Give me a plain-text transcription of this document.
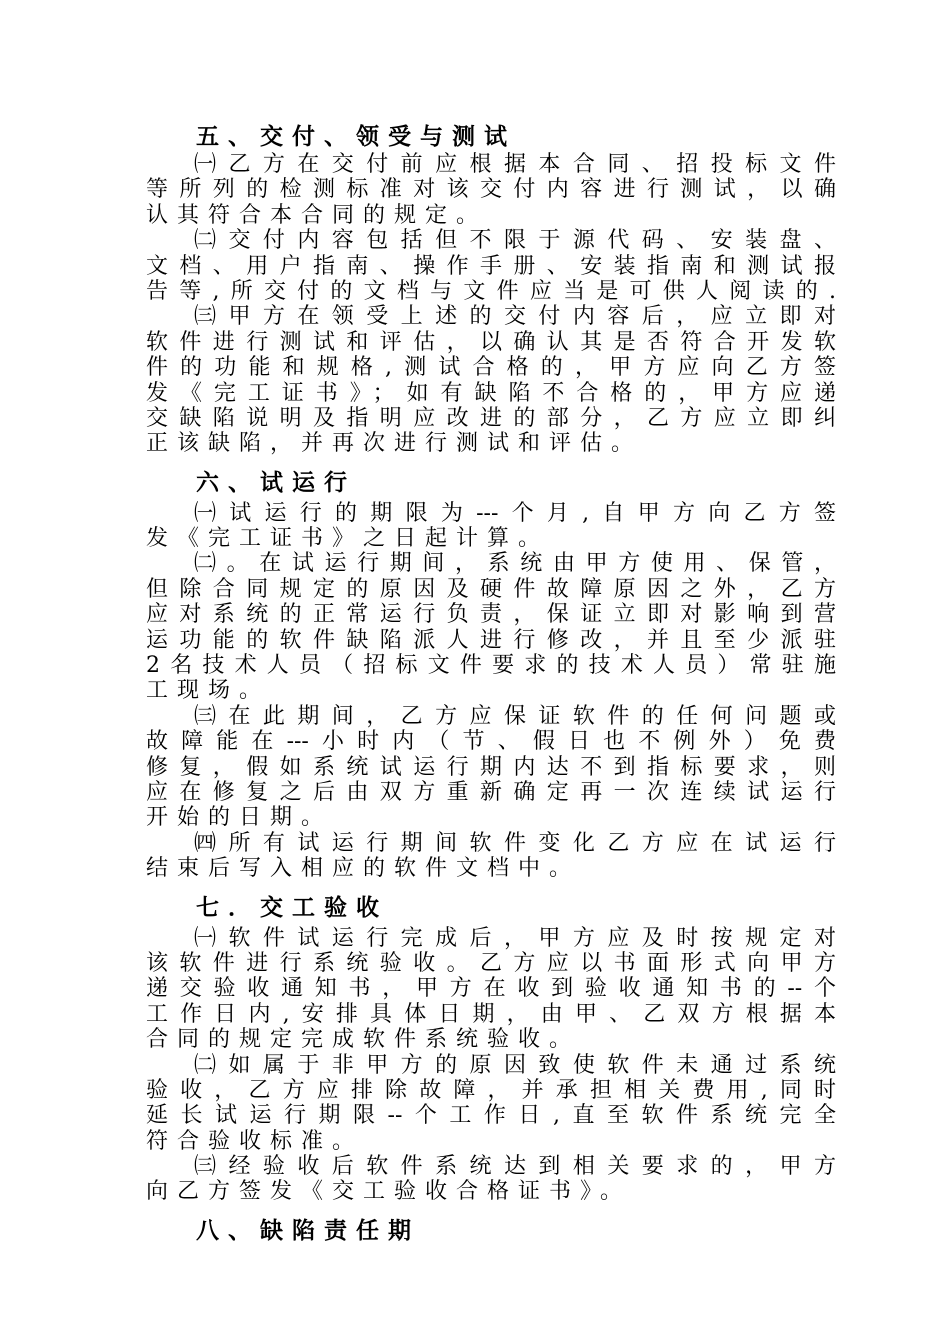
五、交付、领受与测试
㈠乙方在交付前应根据本合同、招投标文件
等所列的检测标准对该交付内容进行测试，以确
认其符合本合同的规定。
㈡交付内容包括但不限于源代码、安装盘、
文档、用户指南、操作手册、安装指南和测试报
告等,所交付的文档与文件应当是可供人阅读的.
㈢甲方在领受上述的交付内容后，应立即对
软件进行测试和评估，以确认其是否符合开发软
件的功能和规格,测试合格的，甲方应向乙方签
发《完工证书》；如有缺陷不合格的，甲方应递
交缺陷说明及指明应改进的部分，乙方应立即纠
正该缺陷，并再次进行测试和评估。
六、试运行
㈠试运行的期限为---个月,自甲方向乙方签
发《完工证书》之日起计算。
㈡。在试运行期间，系统由甲方使用、保管，
但除合同规定的原因及硬件故障原因之外，乙方
应对系统的正常运行负责，保证立即对影响到营
运功能的软件缺陷派人进行修改，并且至少派驻
2名技术人员（招标文件要求的技术人员）常驻施
工现场。
㈢在此期间，乙方应保证软件的任何问题或
故障能在---小时内（节、假日也不例外）免费
修复，假如系统试运行期内达不到指标要求，则
应在修复之后由双方重新确定再一次连续试运行
开始的日期。
㈣所有试运行期间软件变化乙方应在试运行
结束后写入相应的软件文档中。
七．交工验收
㈠软件试运行完成后，甲方应及时按规定对
该软件进行系统验收。乙方应以书面形式向甲方
递交验收通知书，甲方在收到验收通知书的--个
工作日内,安排具体日期，由甲、乙双方根据本
合同的规定完成软件系统验收。
㈡如属于非甲方的原因致使软件未通过系统
验收，乙方应排除故障，并承担相关费用,同时
延长试运行期限--个工作日,直至软件系统完全
符合验收标准。
㈢经验收后软件系统达到相关要求的，甲方
向乙方签发《交工验收合格证书》。
八、缺陷责任期
